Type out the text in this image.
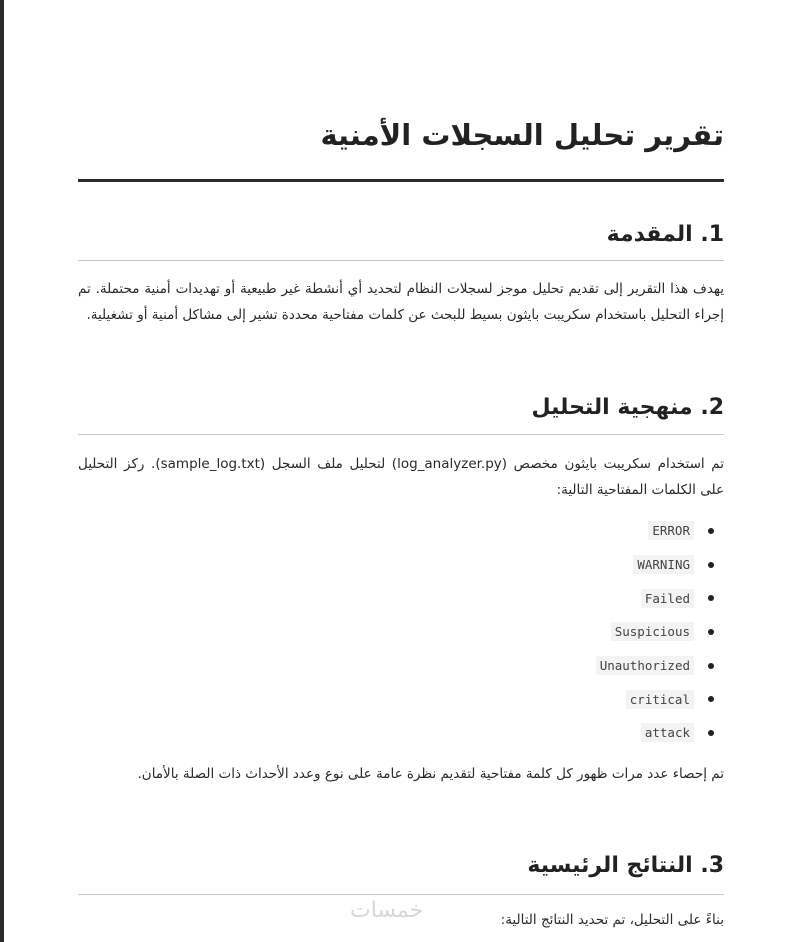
تقرير تحليل السجلات الأمنية
1. المقدمة

يهدف هذا التقرير إلى تقديم تحليل موجز لسجلات النظام لتحديد أي أنشطة غير طبيعية أو تهديدات أمنية محتملة. تم إجراء التحليل باستخدام سكريبت بايثون بسيط للبحث عن كلمات مفتاحية محددة تشير إلى مشاكل أمنية أو تشغيلية.

2. منهجية التحليل

تم استخدام سكريبت بايثون مخصص (log_analyzer.py) لتحليل ملف السجل (sample_log.txt). ركز التحليل على الكلمات المفتاحية التالية:

ERROR
WARNING
Failed
Suspicious
Unauthorized
critical
attack

تم إحصاء عدد مرات ظهور كل كلمة مفتاحية لتقديم نظرة عامة على نوع وعدد الأحداث ذات الصلة بالأمان.

3. النتائج الرئيسية

بناءً على التحليل، تم تحديد النتائج التالية:

خمسات
